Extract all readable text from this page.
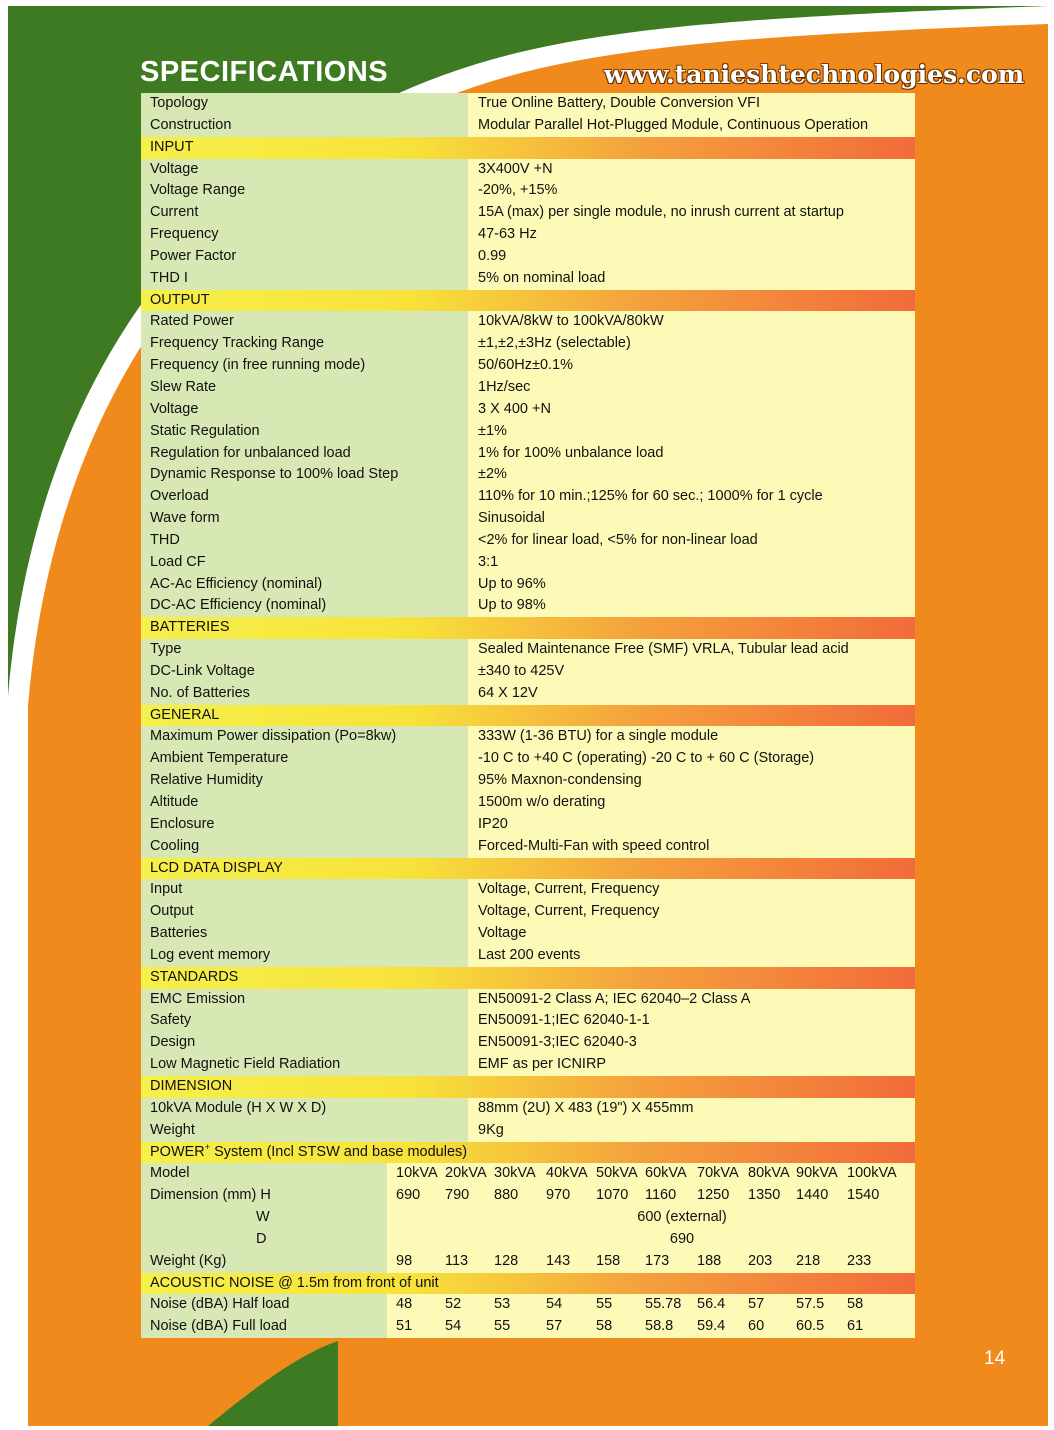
SPECIFICATIONS	www.tanieshtechnologies.com
Topology	True Online Battery, Double Conversion VFI
Construction	Modular Parallel Hot-Plugged Module, Continuous Operation
INPUT
Voltage	3X400V +N
Voltage Range	-20%, +15%
Current	15A (max) per single module, no inrush current at startup
Frequency	47-63 Hz
Power Factor	0.99
THD I	5% on nominal load
OUTPUT
Rated Power	10kVA/8kW to 100kVA/80kW
Frequency Tracking Range	±1,±2,±3Hz (selectable)
Frequency (in free running mode)	50/60Hz±0.1%
Slew Rate	1Hz/sec
Voltage	3 X 400 +N
Static Regulation	±1%
Regulation for unbalanced load	1% for 100% unbalance load
Dynamic Response to 100% load Step	±2%
Overload	110% for 10 min.;125% for 60 sec.; 1000% for 1 cycle
Wave form	Sinusoidal
THD	<2% for linear load, <5% for non-linear load
Load CF	3:1
AC-Ac Efficiency (nominal)	Up to 96%
DC-AC Efficiency (nominal)	Up to 98%
BATTERIES
Type	Sealed Maintenance Free (SMF) VRLA, Tubular lead acid
DC-Link Voltage	±340 to 425V
No. of Batteries	64 X 12V
GENERAL
Maximum Power dissipation (Po=8kw)	333W (1-36 BTU) for a single module
Ambient Temperature	-10 C to +40 C (operating) -20 C to + 60 C (Storage)
Relative Humidity	95% Maxnon-condensing
Altitude	1500m w/o derating
Enclosure	IP20
Cooling	Forced-Multi-Fan with speed control
LCD DATA DISPLAY
Input	Voltage, Current, Frequency
Output	Voltage, Current, Frequency
Batteries	Voltage
Log event memory	Last 200 events
STANDARDS
EMC Emission	EN50091-2 Class A; IEC 62040–2 Class A
Safety	EN50091-1;IEC 62040-1-1
Design	EN50091-3;IEC 62040-3
Low Magnetic Field Radiation	EMF as per ICNIRP
DIMENSION
10kVA Module (H X W X D)	88mm (2U) X 483 (19") X 455mm
Weight	9Kg
POWER+ System (Incl STSW and base modules)
Model	10kVA 20kVA 30kVA 40kVA 50kVA 60kVA 70kVA 80kVA 90kVA 100kVA
Dimension (mm) H	690 790 880 970 1070 1160 1250 1350 1440 1540
W	600 (external)
D	690
Weight (Kg)	98 113 128 143 158 173 188 203 218 233
ACOUSTIC NOISE @ 1.5m from front of unit
Noise (dBA) Half load	48 52 53 54 55 55.78 56.4 57 57.5 58
Noise (dBA) Full load	51 54 55 57 58 58.8 59.4 60 60.5 61
14
